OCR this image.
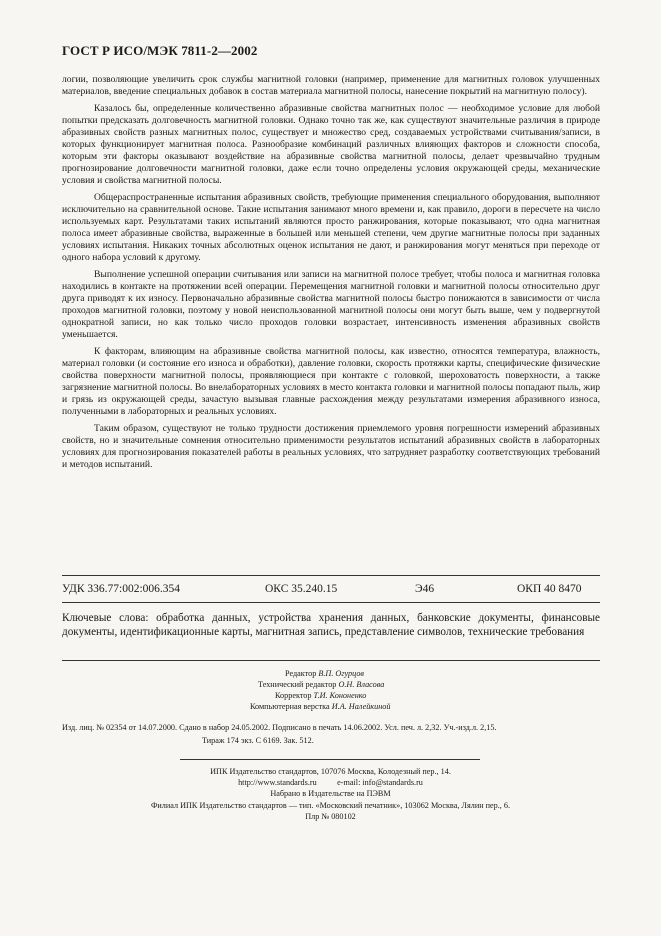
ГОСТ Р ИСО/МЭК 7811-2—2002

логии, позволяющие увеличить срок службы магнитной головки (например, применение для магнитных головок улучшенных материалов, введение специальных добавок в состав материала магнитной полосы, нанесение покрытий на магнитную полосу).

Казалось бы, определенные количественно абразивные свойства магнитных полос — необходимое условие для любой попытки предсказать долговечность магнитной головки. Однако точно так же, как существуют значительные различия в природе абразивных свойств разных магнитных полос, существует и множество сред, создаваемых устройствами считывания/записи, в которых функционирует магнитная полоса. Разнообразие комбинаций различных влияющих факторов и сложности способа, которым эти факторы оказывают воздействие на абразивные свойства магнитной полосы, делает чрезвычайно трудным прогнозирование долговечности магнитной головки, даже если точно определены условия окружающей среды, механические условия и свойства магнитной полосы.

Общераспространенные испытания абразивных свойств, требующие применения специального оборудования, выполняют исключительно на сравнительной основе. Такие испытания занимают много времени и, как правило, дороги в пересчете на число используемых карт. Результатами таких испытаний являются просто ранжирования, которые показывают, что одна магнитная полоса имеет абразивные свойства, выраженные в большей или меньшей степени, чем другие магнитные полосы при заданных условиях испытания. Никаких точных абсолютных оценок испытания не дают, и ранжирования могут меняться при переходе от одного набора условий к другому.

Выполнение успешной операции считывания или записи на магнитной полосе требует, чтобы полоса и магнитная головка находились в контакте на протяжении всей операции. Перемещения магнитной головки и магнитной полосы относительно друг друга приводят к их износу. Первоначально абразивные свойства магнитной полосы быстро понижаются в зависимости от числа проходов магнитной головки, поэтому у новой неиспользованной магнитной полосы они могут быть выше, чем у подвергнутой однократной записи, но как только число проходов головки возрастает, интенсивность изменения абразивных свойств уменьшается.

К факторам, влияющим на абразивные свойства магнитной полосы, как известно, относятся температура, влажность, материал головки (и состояние его износа и обработки), давление головки, скорость протяжки карты, специфические физические свойства поверхности магнитной полосы, проявляющиеся при контакте с головкой, шероховатость поверхности, а также загрязнение магнитной полосы. Во внелабораторных условиях в место контакта головки и магнитной полосы попадают пыль, жир и грязь из окружающей среды, зачастую вызывая главные расхождения между результатами измерения абразивного износа, полученными в лабораторных и реальных условиях.

Таким образом, существуют не только трудности достижения приемлемого уровня погрешности измерений абразивных свойств, но и значительные сомнения относительно применимости результатов испытаний абразивных свойств в лабораторных условиях для прогнозирования показателей работы в реальных условиях, что затрудняет разработку соответствующих требований и методов испытаний.

УДК 336.77:002:006.354	ОКС 35.240.15	Э46	ОКП 40 8470
Ключевые слова: обработка данных, устройства хранения данных, банковские документы, финансовые документы, идентификационные карты, магнитная запись, представление символов, технические требования
Редактор В.П. Огурцов
Технический редактор О.Н. Власова
Корректор Т.И. Кононенко
Компьютерная верстка И.А. Налейкиной
Изд. лиц. № 02354 от 14.07.2000. Сдано в набор 24.05.2002. Подписано в печать 14.06.2002. Усл. печ. л. 2,32. Уч.-изд.л. 2,15.
Тираж 174 экз. С 6169. Зак. 512.
ИПК Издательство стандартов, 107076 Москва, Колодезный пер., 14.
http://www.standards.ru          e-mail: info@standards.ru
Набрано в Издательстве на ПЭВМ
Филиал ИПК Издательство стандартов — тип. «Московский печатник», 103062 Москва, Лялин пер., 6.
Плр № 080102
